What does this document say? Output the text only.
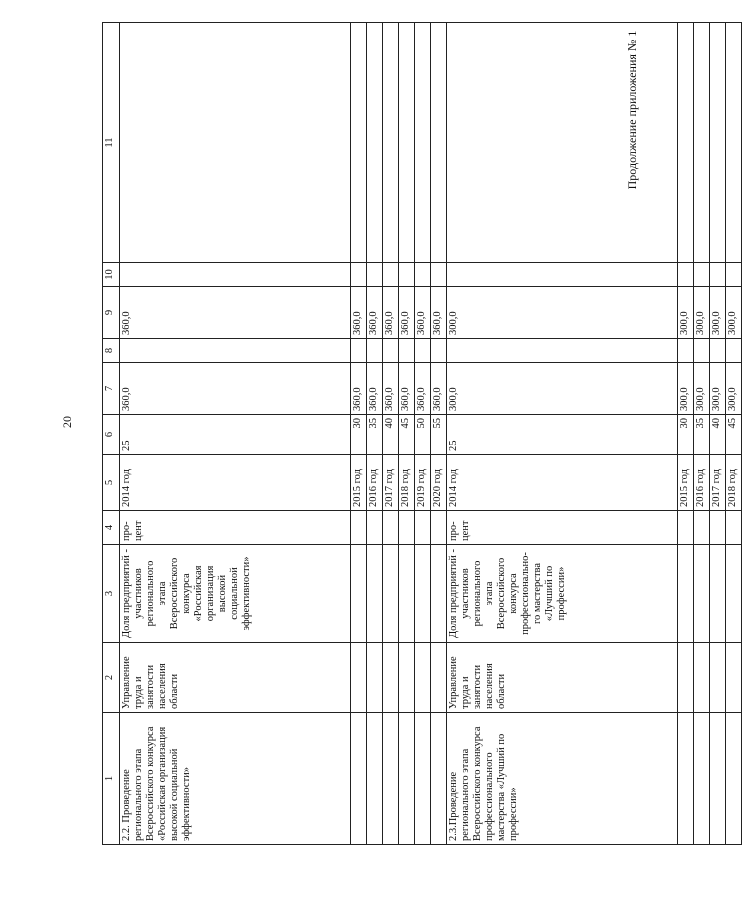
20
Продолжение приложения № 1
1	2	3	4	5	6	7	8	9	10	11
2.2. Проведение регионального этапа Всероссийского конкурса «Российская организация высокой социальной эффективности»	Управление труда и занятости населения области	Доля предприятий - участников регионального этапа Всероссийского конкурса «Российская организация высокой социальной эффективности»	про-цент	2014 год	25	360,0		360,0		
				2015 год	30	360,0		360,0		
				2016 год	35	360,0		360,0		
				2017 год	40	360,0		360,0		
				2018 год	45	360,0		360,0		
				2019 год	50	360,0		360,0		
				2020 год	55	360,0		360,0		
2.3.Проведение регионального этапа Всероссийского конкурса профессионального мастерства «Лучший по профессии»	Управление труда и занятости населения области	Доля предприятий - участников регионального этапа Всероссийского конкурса профессионально-го мастерства «Лучший по профессии»	про-цент	2014 год	25	300,0		300,0		
				2015 год	30	300,0		300,0		
				2016 год	35	300,0		300,0		
				2017 год	40	300,0		300,0		
				2018 год	45	300,0		300,0		
